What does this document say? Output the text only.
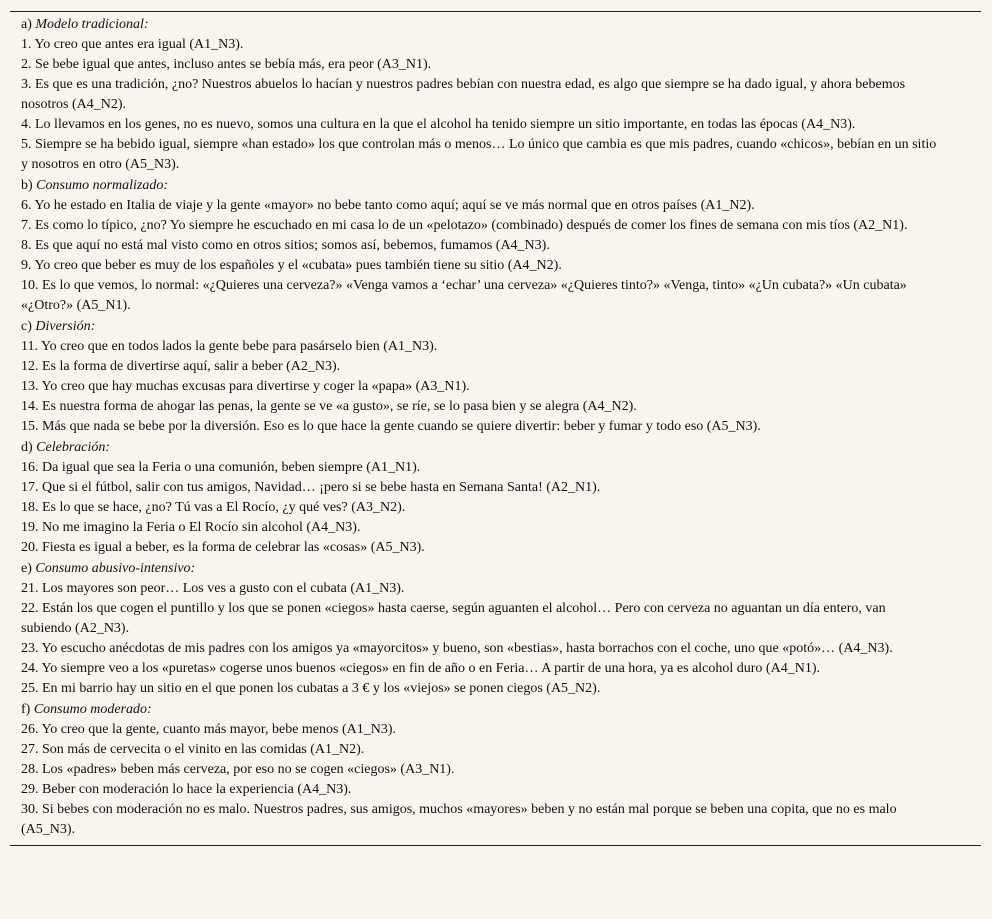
a) Modelo tradicional:
1. Yo creo que antes era igual (A1_N3).
2. Se bebe igual que antes, incluso antes se bebía más, era peor (A3_N1).
3. Es que es una tradición, ¿no? Nuestros abuelos lo hacían y nuestros padres bebían con nuestra edad, es algo que siempre se ha dado igual, y ahora bebemos nosotros (A4_N2).
4. Lo llevamos en los genes, no es nuevo, somos una cultura en la que el alcohol ha tenido siempre un sitio importante, en todas las épocas (A4_N3).
5. Siempre se ha bebido igual, siempre «han estado» los que controlan más o menos… Lo único que cambia es que mis padres, cuando «chicos», bebían en un sitio y nosotros en otro (A5_N3).
b) Consumo normalizado:
6. Yo he estado en Italia de viaje y la gente «mayor» no bebe tanto como aquí; aquí se ve más normal que en otros países (A1_N2).
7. Es como lo típico, ¿no? Yo siempre he escuchado en mi casa lo de un «pelotazo» (combinado) después de comer los fines de semana con mis tíos (A2_N1).
8. Es que aquí no está mal visto como en otros sitios; somos así, bebemos, fumamos (A4_N3).
9. Yo creo que beber es muy de los españoles y el «cubata» pues también tiene su sitio (A4_N2).
10. Es lo que vemos, lo normal: «¿Quieres una cerveza?» «Venga vamos a ‘echar’ una cerveza» «¿Quieres tinto?» «Venga, tinto» «¿Un cubata?» «Un cubata» «¿Otro?» (A5_N1).
c) Diversión:
11. Yo creo que en todos lados la gente bebe para pasárselo bien (A1_N3).
12. Es la forma de divertirse aquí, salir a beber (A2_N3).
13. Yo creo que hay muchas excusas para divertirse y coger la «papa» (A3_N1).
14. Es nuestra forma de ahogar las penas, la gente se ve «a gusto», se ríe, se lo pasa bien y se alegra (A4_N2).
15. Más que nada se bebe por la diversión. Eso es lo que hace la gente cuando se quiere divertir: beber y fumar y todo eso (A5_N3).
d) Celebración:
16. Da igual que sea la Feria o una comunión, beben siempre (A1_N1).
17. Que si el fútbol, salir con tus amigos, Navidad… ¡pero si se bebe hasta en Semana Santa! (A2_N1).
18. Es lo que se hace, ¿no? Tú vas a El Rocío, ¿y qué ves? (A3_N2).
19. No me imagino la Feria o El Rocío sin alcohol (A4_N3).
20. Fiesta es igual a beber, es la forma de celebrar las «cosas» (A5_N3).
e) Consumo abusivo-intensivo:
21. Los mayores son peor… Los ves a gusto con el cubata (A1_N3).
22. Están los que cogen el puntillo y los que se ponen «ciegos» hasta caerse, según aguanten el alcohol… Pero con cerveza no aguantan un día entero, van subiendo (A2_N3).
23. Yo escucho anécdotas de mis padres con los amigos ya «mayorcitos» y bueno, son «bestias», hasta borrachos con el coche, uno que «potó»… (A4_N3).
24. Yo siempre veo a los «puretas» cogerse unos buenos «ciegos» en fin de año o en Feria… A partir de una hora, ya es alcohol duro (A4_N1).
25. En mi barrio hay un sitio en el que ponen los cubatas a 3 € y los «viejos» se ponen ciegos (A5_N2).
f) Consumo moderado:
26. Yo creo que la gente, cuanto más mayor, bebe menos (A1_N3).
27. Son más de cervecita o el vinito en las comidas (A1_N2).
28. Los «padres» beben más cerveza, por eso no se cogen «ciegos» (A3_N1).
29. Beber con moderación lo hace la experiencia (A4_N3).
30. Si bebes con moderación no es malo. Nuestros padres, sus amigos, muchos «mayores» beben y no están mal porque se beben una copita, que no es malo (A5_N3).
